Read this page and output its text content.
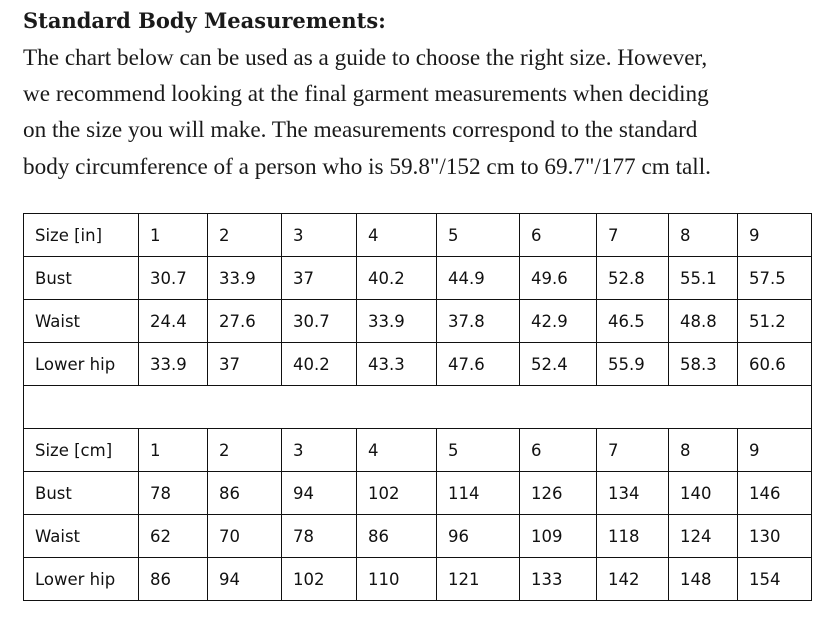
Standard Body Measurements:

The chart below can be used as a guide to choose the right size. However,
we recommend looking at the final garment measurements when deciding
on the size you will make. The measurements correspond to the standard
body circumference of a person who is 59.8"/152 cm to 69.7"/177 cm tall.

Size [in]	1	2	3	4	5	6	7	8	9
Bust	30.7	33.9	37	40.2	44.9	49.6	52.8	55.1	57.5
Waist	24.4	27.6	30.7	33.9	37.8	42.9	46.5	48.8	51.2
Lower hip	33.9	37	40.2	43.3	47.6	52.4	55.9	58.3	60.6

Size [cm]	1	2	3	4	5	6	7	8	9
Bust	78	86	94	102	114	126	134	140	146
Waist	62	70	78	86	96	109	118	124	130
Lower hip	86	94	102	110	121	133	142	148	154
